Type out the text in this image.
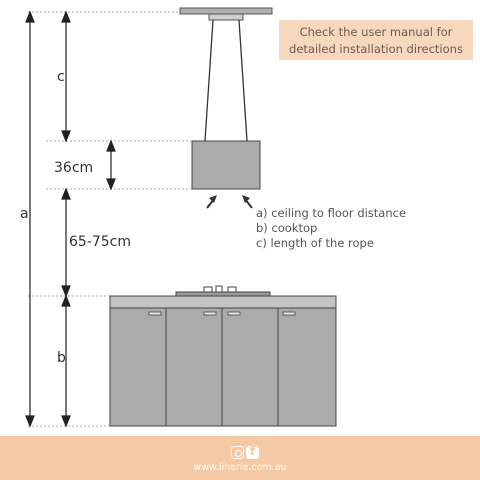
Check the user manual for
detailed installation directions
c
36cm
a
65-75cm
b
a) ceiling to floor distance
b) cooktop
c) length of the rope
f
www.linarie.com.au
